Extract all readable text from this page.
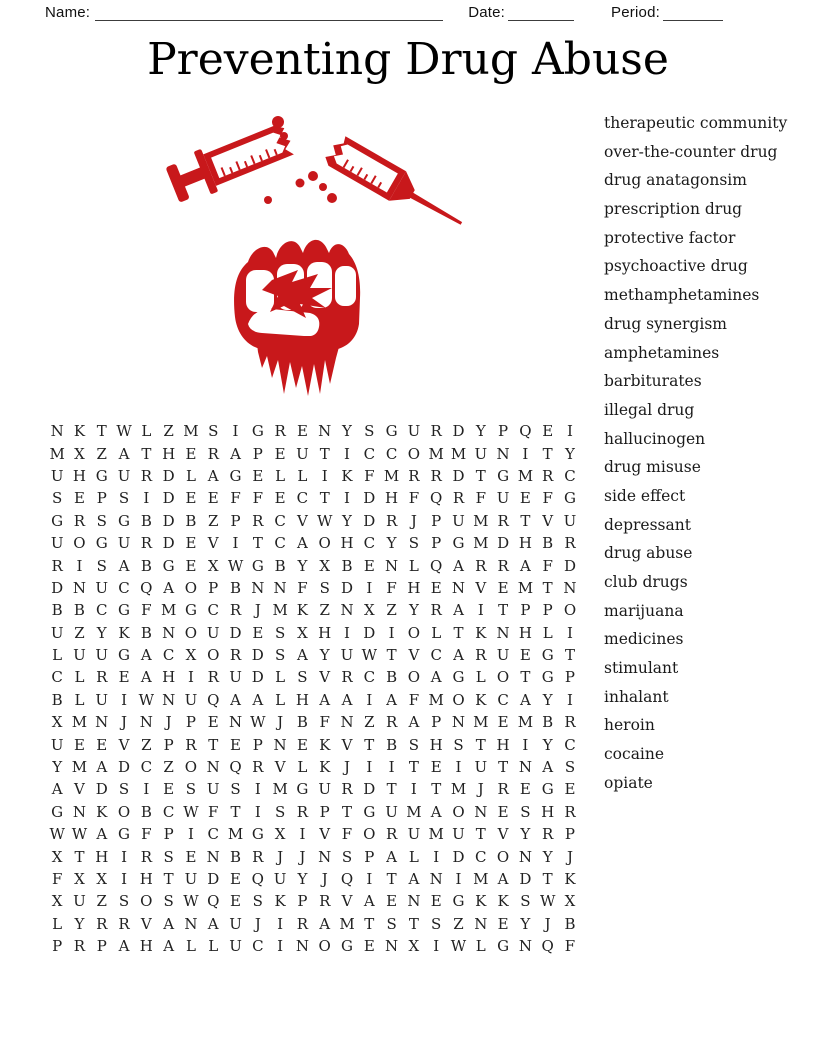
Name:	Date:	Period:
Preventing Drug Abuse
therapeutic community
over-the-counter drug
drug anatagonsim
prescription drug
protective factor
psychoactive drug
methamphetamines
drug synergism
amphetamines
barbiturates
illegal drug
hallucinogen
drug misuse
side effect
depressant
drug abuse
club drugs
marijuana
medicines
stimulant
inhalant
heroin
cocaine
opiate
N K T W L Z M S I G R E N Y S G U R D Y P Q E I
M X Z A T H E R A P E U T I C C O M M U N I T Y
U H G U R D L A G E L L I K F M R R D T G M R C
S E P S I D E E F F E C T I D H F Q R F U E F G
G R S G B D B Z P R C V W Y D R J P U M R T V U
U O G U R D E V I T C A O H C Y S P G M D H B R
R I S A B G E X W G B Y X B E N L Q A R R A F D
D N U C Q A O P B N N F S D I F H E N V E M T N
B B C G F M G C R J M K Z N X Z Y R A I T P P O
U Z Y K B N O U D E S X H I D I O L T K N H L I
L U U G A C X O R D S A Y U W T V C A R U E G T
C L R E A H I R U D L S V R C B O A G L O T G P
B L U I W N U Q A A L H A A I A F M O K C A Y I
X M N J N J P E N W J B F N Z R A P N M E M B R
U E E V Z P R T E P N E K V T B S H S T H I Y C
Y M A D C Z O N Q R V L K J	I	I T E I U T N A S
A V D S I E S U S I M G U R D T I T M J R E G E
G N K O B C W F T I S R P T G U M A O N E S H R
W W A G F P I C M G X I V F O R U M U T V Y R P
X T H I R S E N B R J	J N S P A L I D C O N Y J
F X X I H T U D E Q U Y J Q I T A N I M A D T K
X U Z S O S W Q E S K P R V A E N E G K K S W X
L Y R R V A N A U J	I R A M T S T S Z N E Y J B
P R P A H A L L U C I N O G E N X I W L G N Q F
